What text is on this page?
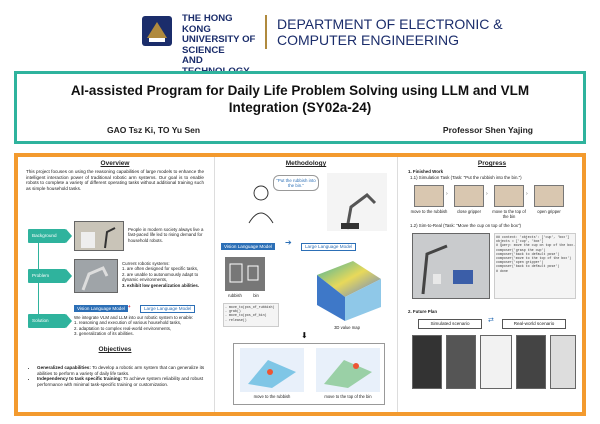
THE HONG KONG
UNIVERSITY OF SCIENCE
AND
DEPARTMENT OF ELECTRONIC &
COMPUTER ENGINEERING
AI-assisted Program for Daily Life Problem Solving using LLM and VLM
Integration (SY02a-24)
GAO Tsz Ki, TO Yu Sen	Professor Shen Yajing
Overview
This project focuses on using the reasoning capabilities of large models to enhance the intelligent interaction power of traditional robotic arm systems. Our goal is to enable robots to complete a variety of different operating tasks without additional training such as simple household tasks.
Background
People in modern society always live a fast-paced life led to rising demand for household robots.
Problem
Current robotic systems:
1. are often designed for specific tasks,
2. are unable to autonomously adapt to dynamic environments,
3. exhibit low generalization abilities.
Solution
Vision Language Model +	Large Language Model
We integrate VLM and LLM into our robotic system to enable:
1. reasoning and execution of various household tasks,
2. adaptation to complex real-world environments,
3. generalization of its abilities.
Objectives
• Generalized capabilities: To develop a robotic arm system that can generalize its abilities to perform a variety of daily life tasks.
• Independency to task specific training: To achieve system reliability and robust performance with minimal task-specific training or customization.
Methodology
"Put the rubbish into the bin."
Vision Language Model	➔	Large Language Model
rubbish	bin
- move_to(pos_of_rubbish)
- grab()
- move_to(pos_of_bin)
- release()
3D value map
⬇
move to the rubbish	move to the top of the bin
Progress
1. Finished Work
1.1) Simulation Task (Task: "Put the rubbish into the bin.")
›	›	›
move to the rubbish	close gripper	move to the top of the bin
open gripper
1.2) Sim-to-Real (Task: "Move the cup on top of the box")
## context: 'objects': ['cup', 'box']
objects = ['cup', 'box']
# Query: move the cup on top of the box.
composer('grasp the cup')
composer('back to default pose')
composer('move to the top of the box')
composer('open gripper')
composer('back to default pose')
# done
2. Future Plan
Simulated scenario	⇄	Real-world scenario
